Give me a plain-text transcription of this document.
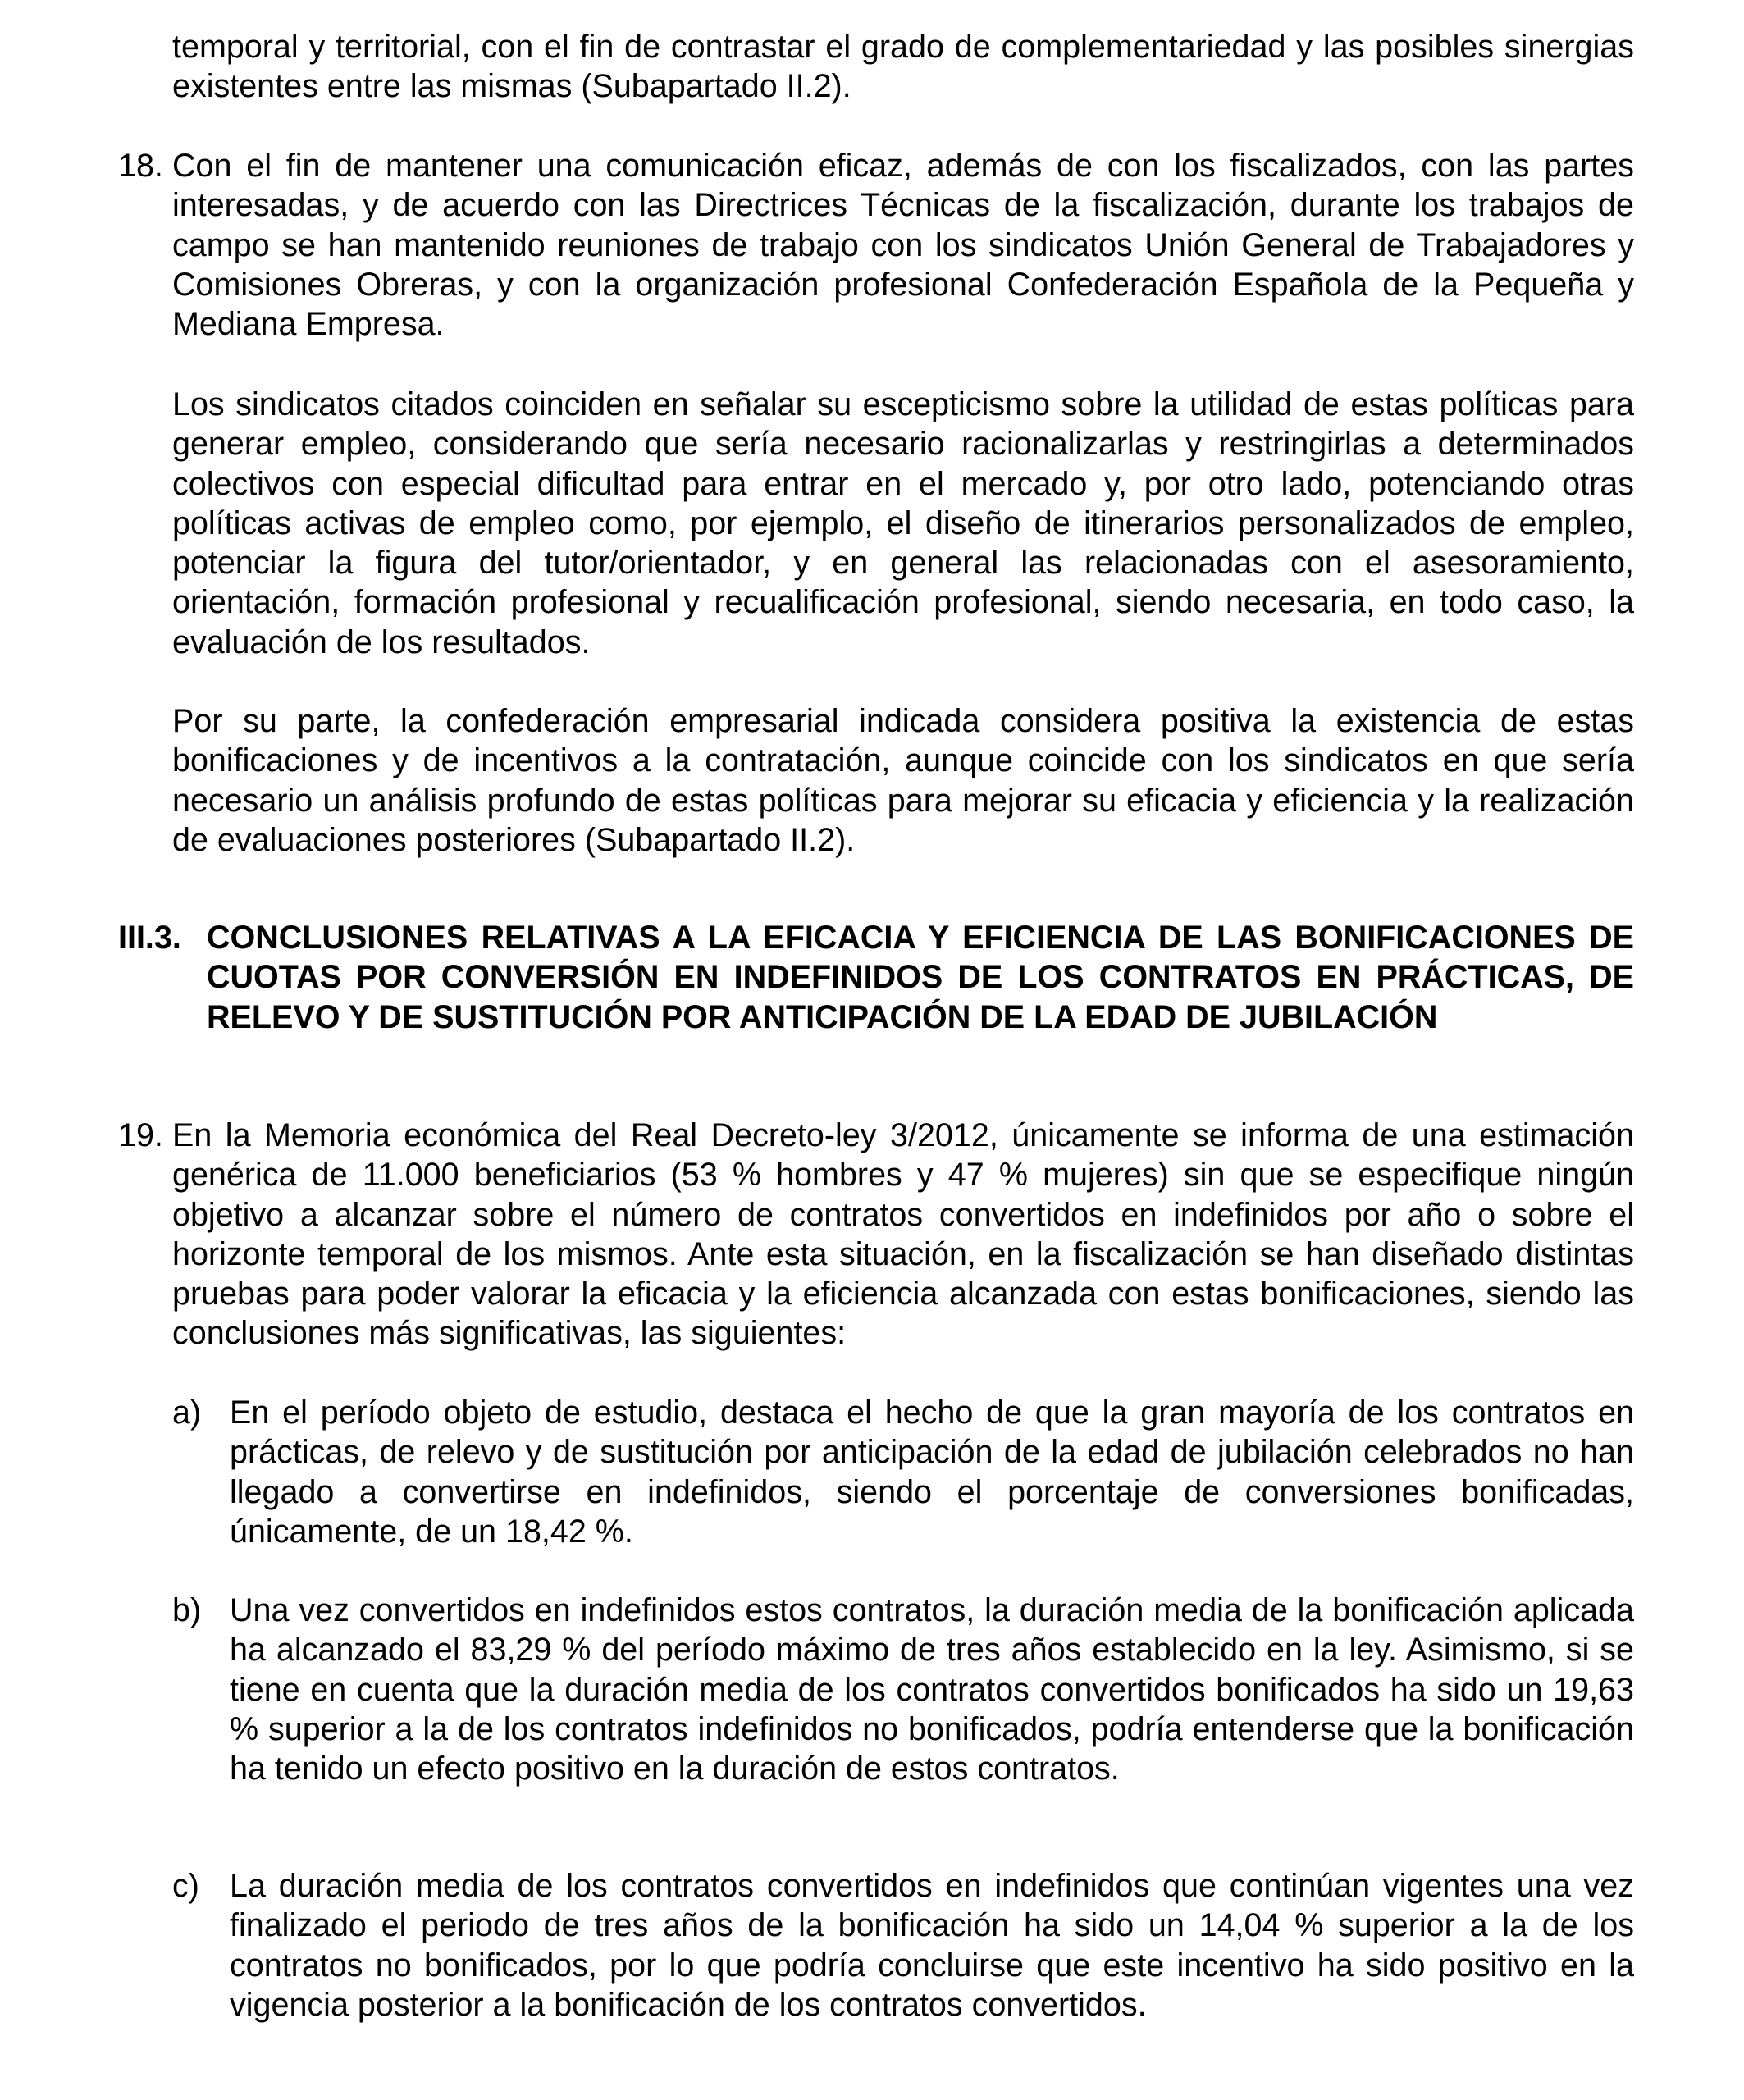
temporal y territorial, con el fin de contrastar el grado de complementariedad y las posibles sinergias existentes entre las mismas (Subapartado II.2).

18. Con el fin de mantener una comunicación eficaz, además de con los fiscalizados, con las partes interesadas, y de acuerdo con las Directrices Técnicas de la fiscalización, durante los trabajos de campo se han mantenido reuniones de trabajo con los sindicatos Unión General de Trabajadores y Comisiones Obreras, y con la organización profesional Confederación Española de la Pequeña y Mediana Empresa.

Los sindicatos citados coinciden en señalar su escepticismo sobre la utilidad de estas políticas para generar empleo, considerando que sería necesario racionalizarlas y restringirlas a determinados colectivos con especial dificultad para entrar en el mercado y, por otro lado, potenciando otras políticas activas de empleo como, por ejemplo, el diseño de itinerarios personalizados de empleo, potenciar la figura del tutor/orientador, y en general las relacionadas con el asesoramiento, orientación, formación profesional y recualificación profesional, siendo necesaria, en todo caso, la evaluación de los resultados.

Por su parte, la confederación empresarial indicada considera positiva la existencia de estas bonificaciones y de incentivos a la contratación, aunque coincide con los sindicatos en que sería necesario un análisis profundo de estas políticas para mejorar su eficacia y eficiencia y la realización de evaluaciones posteriores (Subapartado II.2).

III.3. CONCLUSIONES RELATIVAS A LA EFICACIA Y EFICIENCIA DE LAS BONIFICACIONES DE CUOTAS POR CONVERSIÓN EN INDEFINIDOS DE LOS CONTRATOS EN PRÁCTICAS, DE RELEVO Y DE SUSTITUCIÓN POR ANTICIPACIÓN DE LA EDAD DE JUBILACIÓN

19. En la Memoria económica del Real Decreto-ley 3/2012, únicamente se informa de una estimación genérica de 11.000 beneficiarios (53 % hombres y 47 % mujeres) sin que se especifique ningún objetivo a alcanzar sobre el número de contratos convertidos en indefinidos por año o sobre el horizonte temporal de los mismos. Ante esta situación, en la fiscalización se han diseñado distintas pruebas para poder valorar la eficacia y la eficiencia alcanzada con estas bonificaciones, siendo las conclusiones más significativas, las siguientes:

a) En el período objeto de estudio, destaca el hecho de que la gran mayoría de los contratos en prácticas, de relevo y de sustitución por anticipación de la edad de jubilación celebrados no han llegado a convertirse en indefinidos, siendo el porcentaje de conversiones bonificadas, únicamente, de un 18,42 %.

b) Una vez convertidos en indefinidos estos contratos, la duración media de la bonificación aplicada ha alcanzado el 83,29 % del período máximo de tres años establecido en la ley. Asimismo, si se tiene en cuenta que la duración media de los contratos convertidos bonificados ha sido un 19,63 % superior a la de los contratos indefinidos no bonificados, podría entenderse que la bonificación ha tenido un efecto positivo en la duración de estos contratos.

c) La duración media de los contratos convertidos en indefinidos que continúan vigentes una vez finalizado el periodo de tres años de la bonificación ha sido un 14,04 % superior a la de los contratos no bonificados, por lo que podría concluirse que este incentivo ha sido positivo en la vigencia posterior a la bonificación de los contratos convertidos.
